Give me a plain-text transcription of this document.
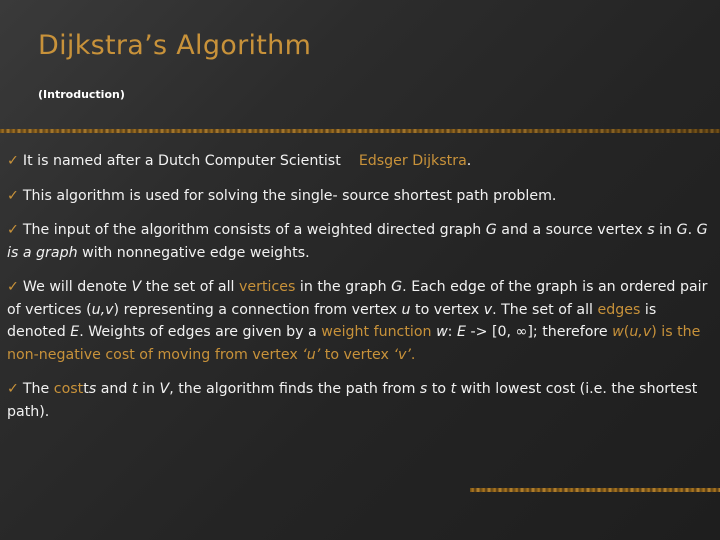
Dijkstra’s Algorithm
(Introduction)

✓ It is named after a Dutch Computer Scientist Edsger Dijkstra.

✓ This algorithm is used for solving the single- source shortest path problem.

✓ The input of the algorithm consists of a weighted directed graph G and a source vertex s in G. G is a graph with nonnegative edge weights.

✓ We will denote V the set of all vertices in the graph G. Each edge of the graph is an ordered pair of vertices (u,v) representing a connection from vertex u to vertex v. The set of all edges is denoted E. Weights of edges are given by a weight function w: E -> [0, ∞]; therefore w(u,v) is the non-negative cost of moving from vertex ‘u’ to vertex ‘v’.

✓ The costts and t in V, the algorithm finds the path from s to t with lowest cost (i.e. the shortest path).
